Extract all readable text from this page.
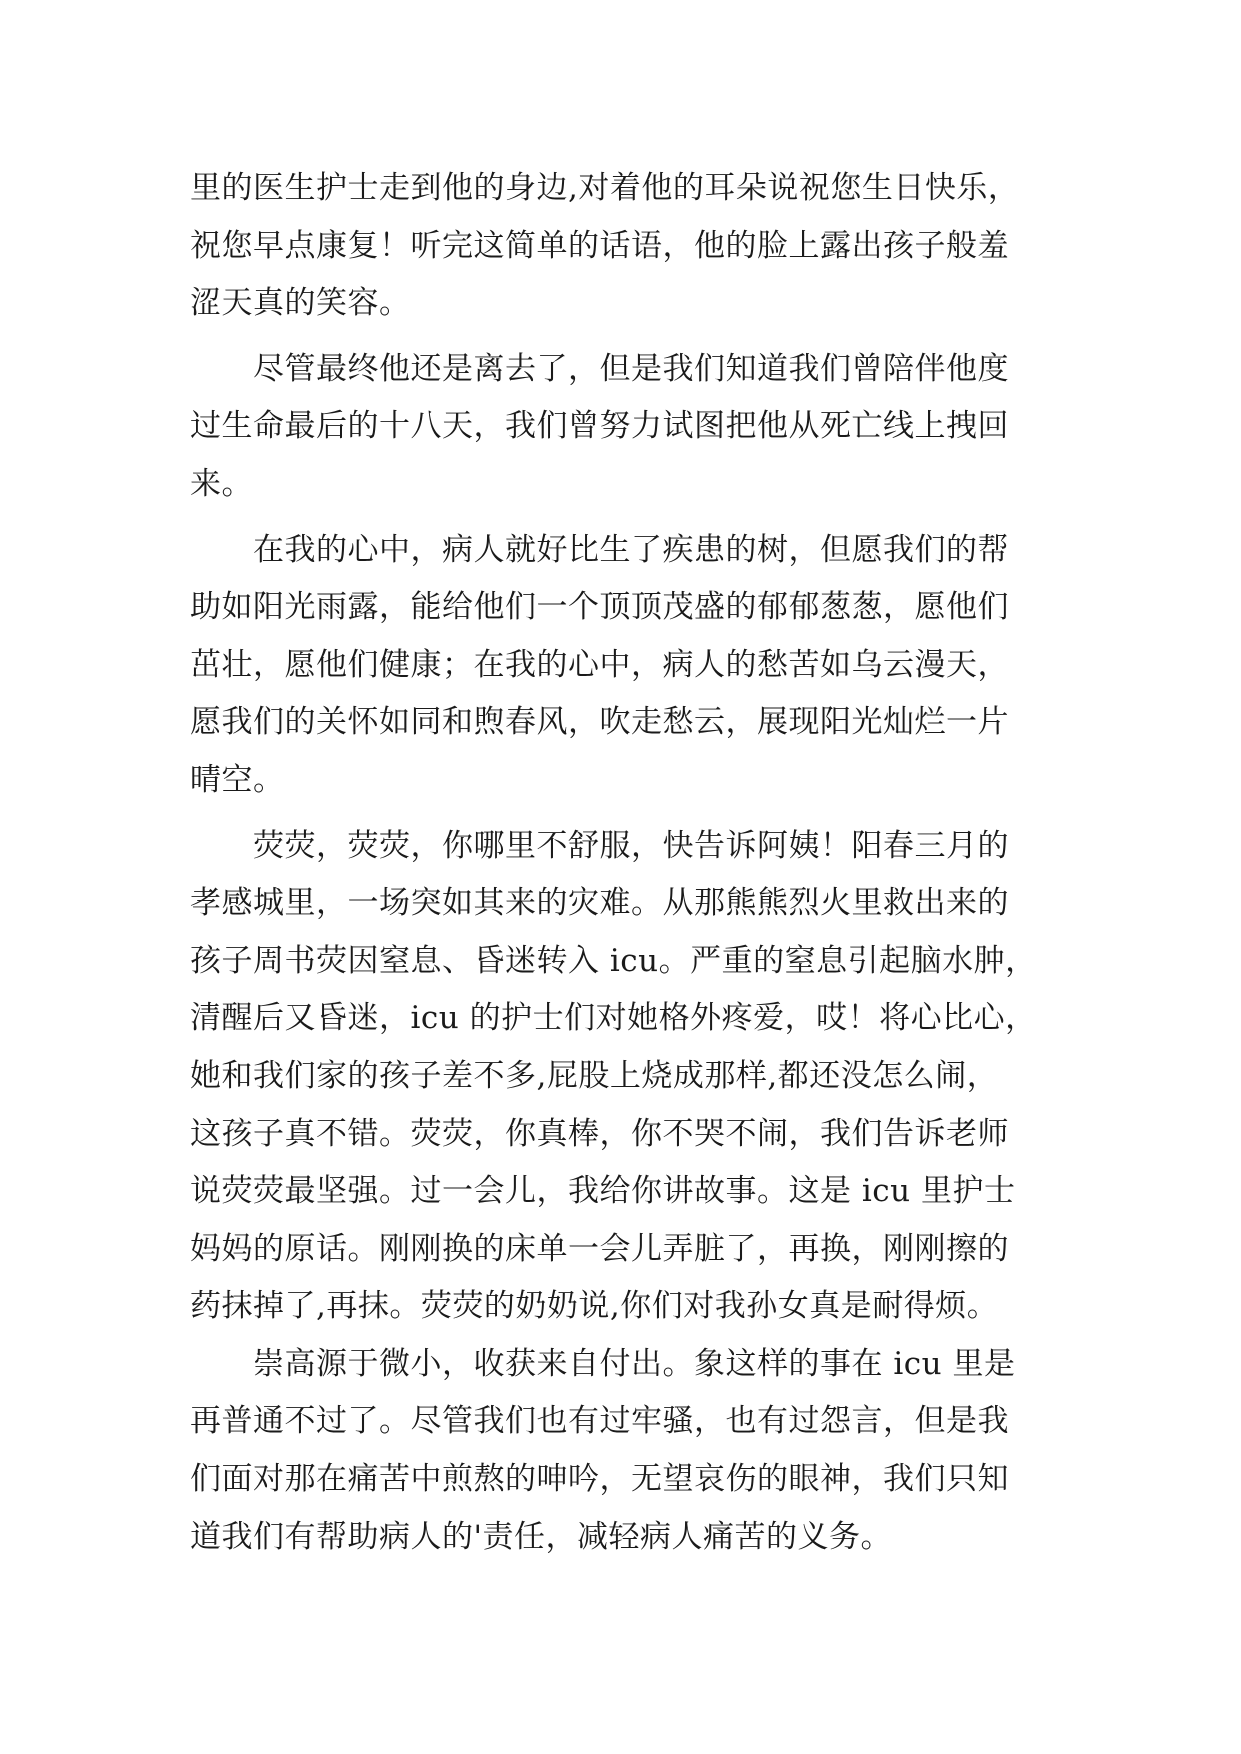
里的医生护士走到他的身边,对着他的耳朵说祝您生日快乐，
祝您早点康复！听完这简单的话语，他的脸上露出孩子般羞
涩天真的笑容。
　　尽管最终他还是离去了，但是我们知道我们曾陪伴他度
过生命最后的十八天，我们曾努力试图把他从死亡线上拽回
来。
　　在我的心中，病人就好比生了疾患的树，但愿我们的帮
助如阳光雨露，能给他们一个顶顶茂盛的郁郁葱葱，愿他们
茁壮，愿他们健康；在我的心中，病人的愁苦如乌云漫天，
愿我们的关怀如同和煦春风，吹走愁云，展现阳光灿烂一片
晴空。
　　荧荧，荧荧，你哪里不舒服，快告诉阿姨！阳春三月的
孝感城里，一场突如其来的灾难。从那熊熊烈火里救出来的
孩子周书荧因窒息、昏迷转入 icu。严重的窒息引起脑水肿，
清醒后又昏迷，icu 的护士们对她格外疼爱，哎！将心比心，
她和我们家的孩子差不多,屁股上烧成那样,都还没怎么闹，
这孩子真不错。荧荧，你真棒，你不哭不闹，我们告诉老师
说荧荧最坚强。过一会儿，我给你讲故事。这是 icu 里护士
妈妈的原话。刚刚换的床单一会儿弄脏了，再换，刚刚擦的
药抹掉了,再抹。荧荧的奶奶说,你们对我孙女真是耐得烦。
　　崇高源于微小，收获来自付出。象这样的事在 icu 里是
再普通不过了。尽管我们也有过牢骚，也有过怨言，但是我
们面对那在痛苦中煎熬的呻吟，无望哀伤的眼神，我们只知
道我们有帮助病人的'责任，减轻病人痛苦的义务。
